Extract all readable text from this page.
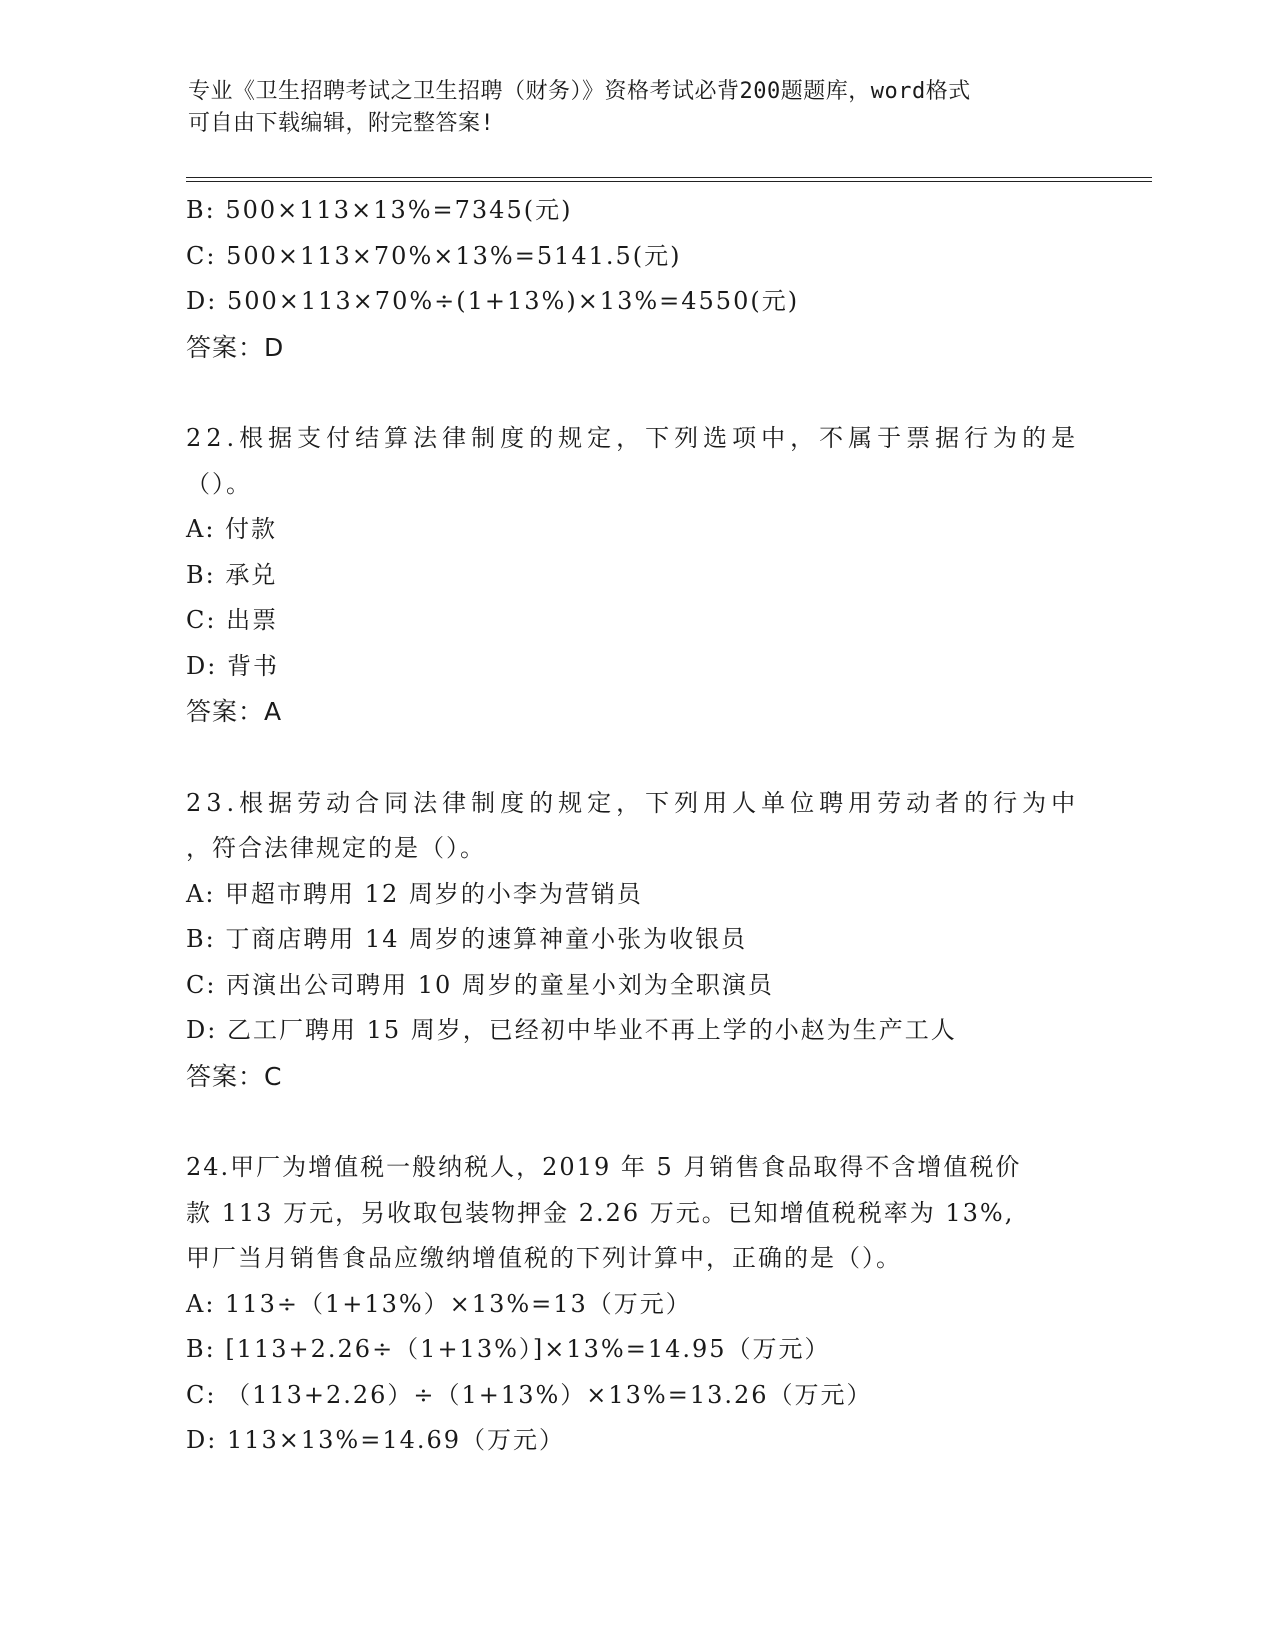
专业《卫生招聘考试之卫生招聘（财务）》资格考试必背200题题库，word格式
可自由下载编辑，附完整答案!

B: 500×113×13%=7345(元)

C: 500×113×70%×13%=5141.5(元)

D: 500×113×70%÷(1+13%)×13%=4550(元)

答案：D

22.根据支付结算法律制度的规定，下列选项中，不属于票据行为的是

（）。

A: 付款

B: 承兑

C: 出票

D: 背书

答案：A

23.根据劳动合同法律制度的规定，下列用人单位聘用劳动者的行为中

，符合法律规定的是（）。

A: 甲超市聘用 12 周岁的小李为营销员

B: 丁商店聘用 14 周岁的速算神童小张为收银员

C: 丙演出公司聘用 10 周岁的童星小刘为全职演员

D: 乙工厂聘用 15 周岁，已经初中毕业不再上学的小赵为生产工人

答案：C

24.甲厂为增值税一般纳税人，2019 年 5 月销售食品取得不含增值税价

款 113 万元，另收取包装物押金 2.26 万元。已知增值税税率为 13%,

甲厂当月销售食品应缴纳增值税的下列计算中，正确的是（）。

A: 113÷（1+13%）×13%=13（万元）

B: [113+2.26÷（1+13%）]×13%=14.95（万元）

C: （113+2.26）÷（1+13%）×13%=13.26（万元）

D: 113×13%=14.69（万元）
